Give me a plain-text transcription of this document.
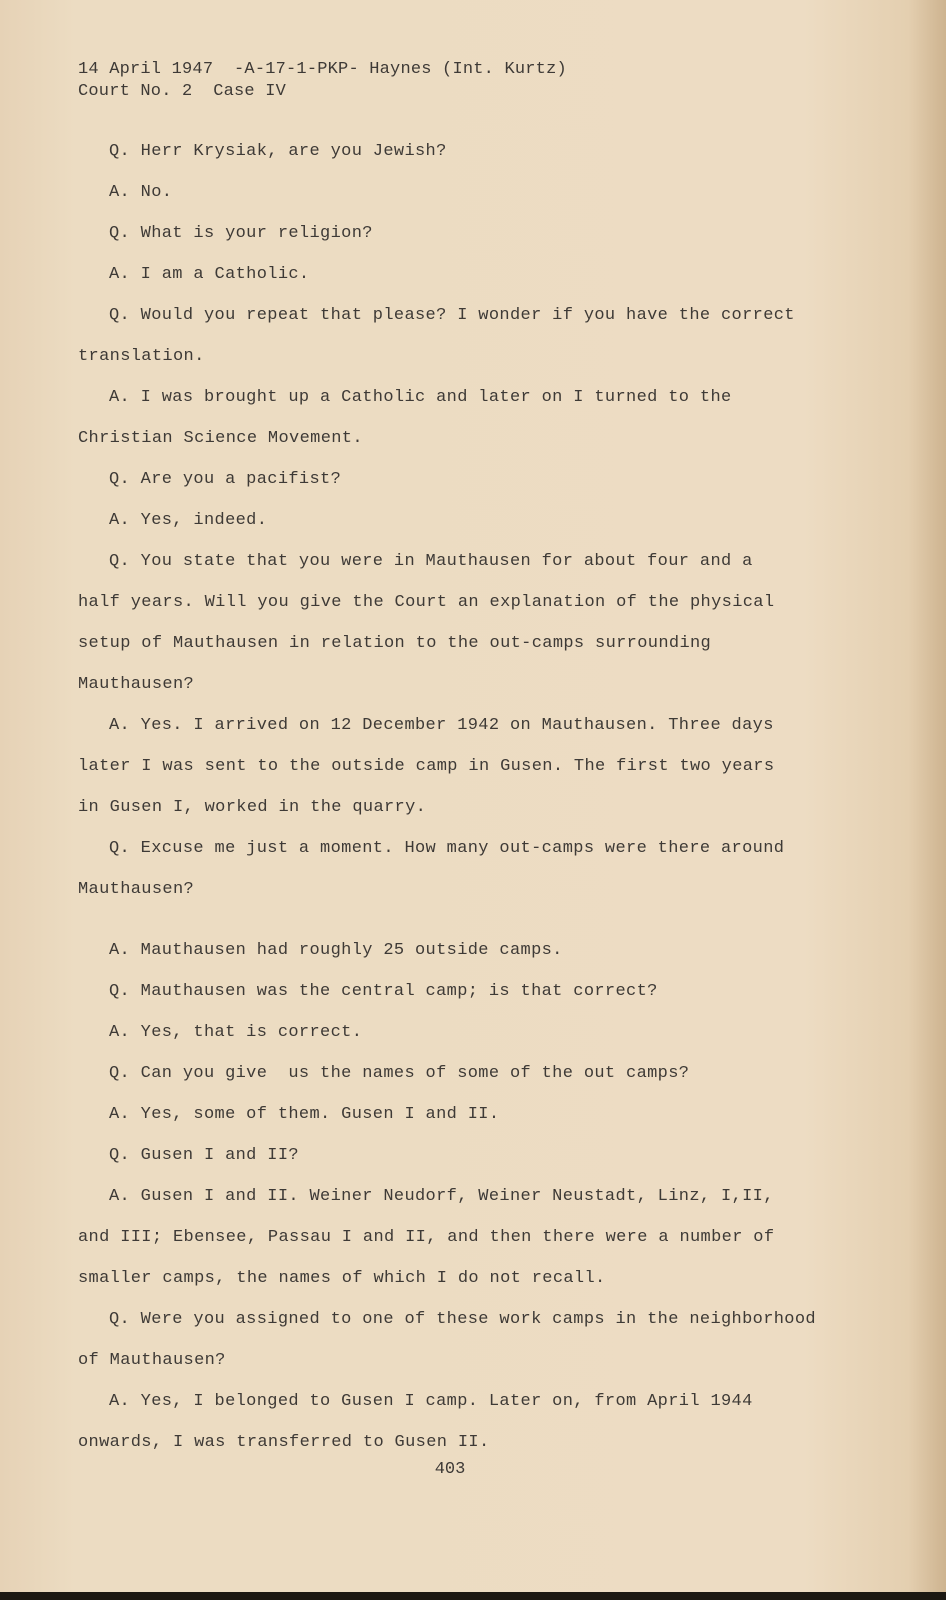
14 April 1947  -A-17-1-PKP- Haynes (Int. Kurtz)
Court No. 2  Case IV
Q. Herr Krysiak, are you Jewish?
A. No.
Q. What is your religion?
A. I am a Catholic.
Q. Would you repeat that please? I wonder if you have the correct
translation.
A. I was brought up a Catholic and later on I turned to the
Christian Science Movement.
Q. Are you a pacifist?
A. Yes, indeed.
Q. You state that you were in Mauthausen for about four and a
half years. Will you give the Court an explanation of the physical
setup of Mauthausen in relation to the out-camps surrounding
Mauthausen?
A. Yes. I arrived on 12 December 1942 on Mauthausen. Three days
later I was sent to the outside camp in Gusen. The first two years
in Gusen I, worked in the quarry.
Q. Excuse me just a moment. How many out-camps were there around
Mauthausen?
A. Mauthausen had roughly 25 outside camps.
Q. Mauthausen was the central camp; is that correct?
A. Yes, that is correct.
Q. Can you give  us the names of some of the out camps?
A. Yes, some of them. Gusen I and II.
Q. Gusen I and II?
A. Gusen I and II. Weiner Neudorf, Weiner Neustadt, Linz, I,II,
and III; Ebensee, Passau I and II, and then there were a number of
smaller camps, the names of which I do not recall.
Q. Were you assigned to one of these work camps in the neighborhood
of Mauthausen?
A. Yes, I belonged to Gusen I camp. Later on, from April 1944
onwards, I was transferred to Gusen II.
403
